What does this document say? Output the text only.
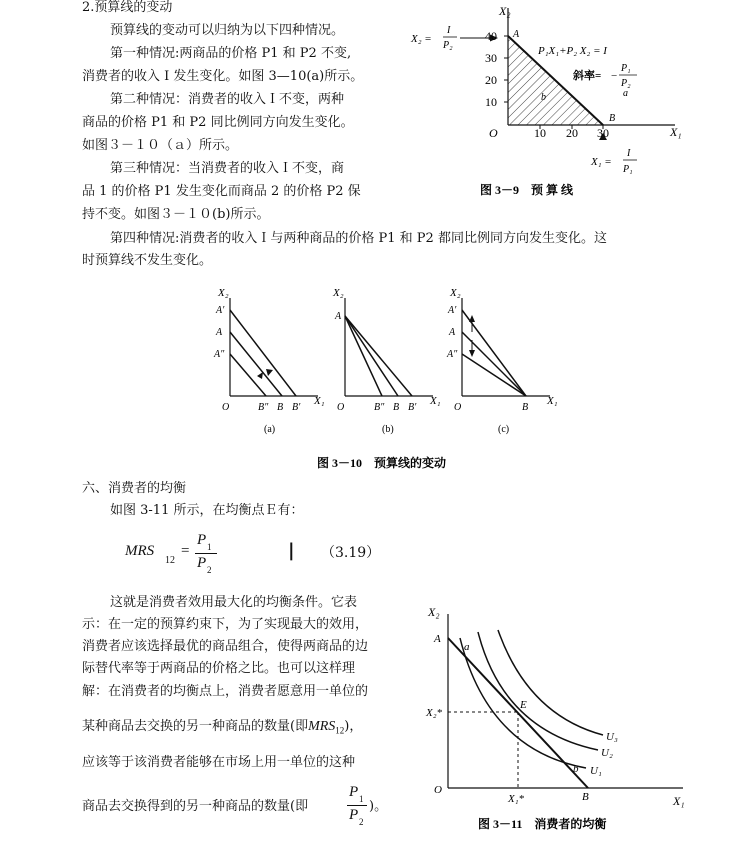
2.预算线的变动
预算线的变动可以归纳为以下四种情况。
第一种情况:两商品的价格 P1 和 P2 不变,
消费者的收入 I 发生变化。如图 3—10(a)所示。
第二种情况：消费者的收入Ｉ不变，两种
商品的价格 P1 和 P2 同比例同方向发生变化。
如图３－１０（ａ）所示。
第三种情况：当消费者的收入Ｉ不变，商
品 1 的价格 P1 发生变化而商品 2 的价格 P2 保
持不变。如图３－１０(b)所示。
第四种情况:消费者的收入Ｉ与两种商品的价格 P1 和 P2 都同比例同方向发生变化。这
时预算线不发生变化。
X₂
X₁
O
40
30
20
10
10 20 30
A
B
a
b
X₂ =
I
P₂	P₁X₁+P₂ X₂ = I
斜率= −
P₁
P₂
X₁ =
I
P₁
图 3－9　预 算 线
X₂
A′
A
A″
O	B″ B B′
X₁
(a)
X₂
A
O	B″ B B′
X₁
(b)
X₂
A′
A
A″
O	B
X₁
(c)
图 3－10　预算线的变动
六、消费者的均衡
如图 3-11 所示，在均衡点Ｅ有：
MRS
12
=
P 1
P 2
| （3.19）
这就是消费者效用最大化的均衡条件。它表
示：在一定的预算约束下，为了实现最大的效用，
消费者应该选择最优的商品组合，使得两商品的边
际替代率等于两商品的价格之比。也可以这样理
解：在消费者的均衡点上，消费者愿意用一单位的
某种商品去交换的另一种商品的数量(即$MRS_{12}$)，
应该等于该消费者能够在市场上用一单位的这种
商品去交换得到的另一种商品的数量(即
P 1
P 2
)。
X₂
X₁
O
A
B
E
a
b
X₁*
X₂*
U₃
U₂
U₁
图 3－11　消费者的均衡
